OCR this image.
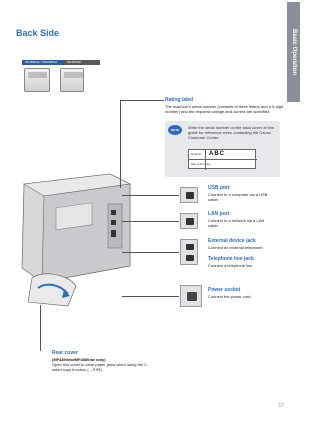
Back Side	Basic Operation
MF4890dw / MF4880dw	MF4870dn
Rating label
The machine's serial number (consists of three letters and a 5-digit number) and the required voltage and current are specified.
NOTE	Write the serial number on the back cover of this guide for reference when contacting the Canon Customer Center.
Serial No.
Date of Purchase
ABC
USB port
Connect to a computer via a USB cable.
LAN port
Connect to a network via a LAN cable.
External device jack
Connect an external telephone.
Telephone line jack
Connect a telephone line.
Power socket
Connect the power cord.
Rear cover
(MF4890dw/MF4880dw only)
Open this cover to clear paper jams when using the 2-sided copy function (→P.99).
17
